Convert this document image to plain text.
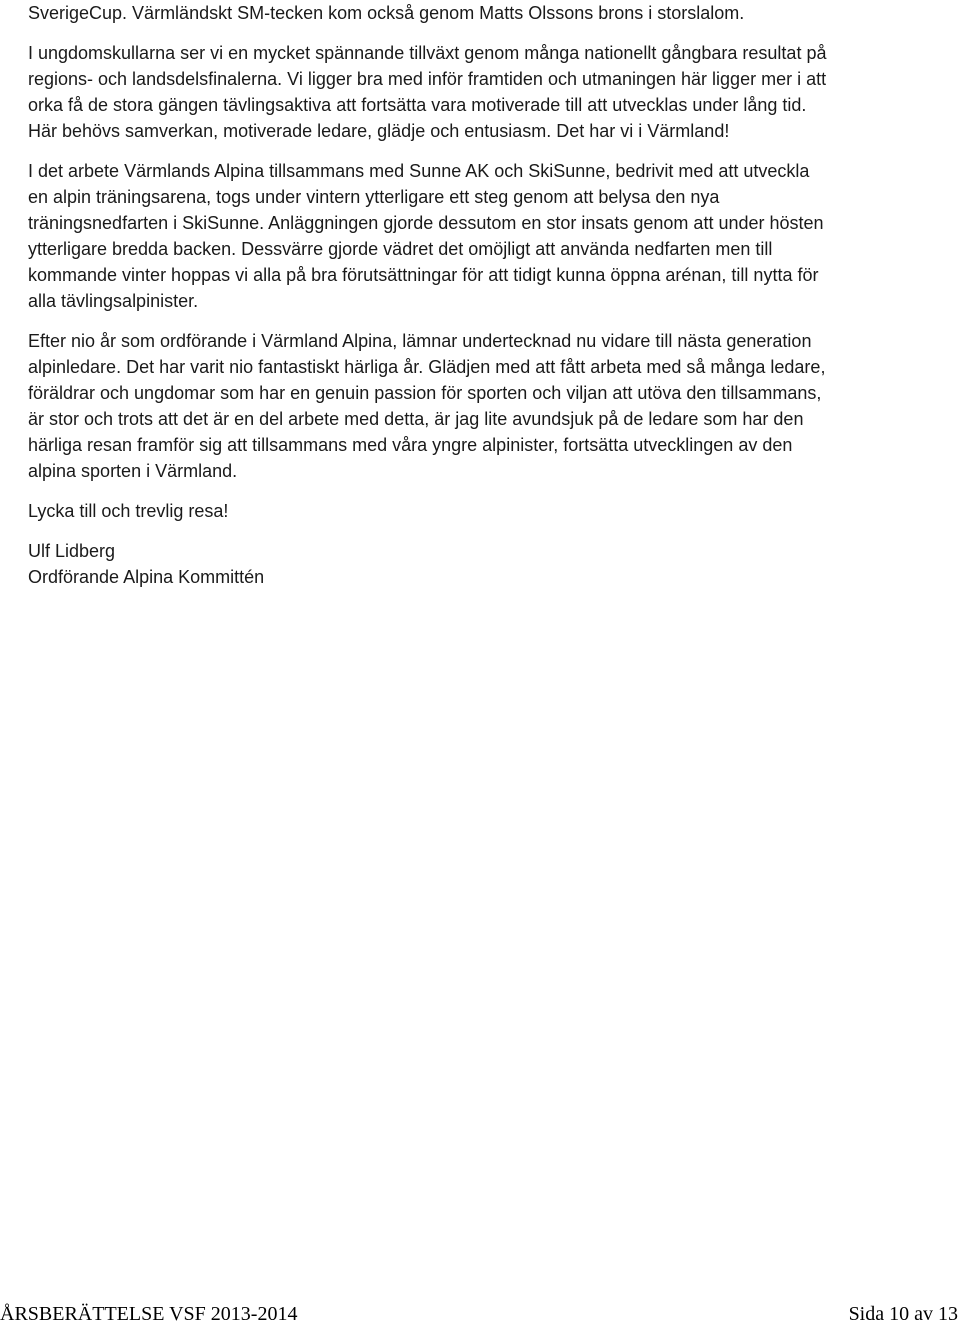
SverigeCup. Värmländskt SM-tecken kom också genom Matts Olssons brons i storslalom.

I ungdomskullarna ser vi en mycket spännande tillväxt genom många nationellt gångbara resultat på regions- och landsdelsfinalerna. Vi ligger bra med inför framtiden och utmaningen här ligger mer i att orka få de stora gängen tävlingsaktiva att fortsätta vara motiverade till att utvecklas under lång tid. Här behövs samverkan, motiverade ledare, glädje och entusiasm. Det har vi i Värmland!

I det arbete Värmlands Alpina tillsammans med Sunne AK och SkiSunne, bedrivit med att utveckla en alpin träningsarena, togs under vintern ytterligare ett steg genom att belysa den nya träningsnedfarten i SkiSunne. Anläggningen gjorde dessutom en stor insats genom att under hösten ytterligare bredda backen. Dessvärre gjorde vädret det omöjligt att använda nedfarten men till kommande vinter hoppas vi alla på bra förutsättningar för att tidigt kunna öppna arénan, till nytta för alla tävlingsalpinister.

Efter nio år som ordförande i Värmland Alpina, lämnar undertecknad nu vidare till nästa generation alpinledare. Det har varit nio fantastiskt härliga år. Glädjen med att fått arbeta med så många ledare, föräldrar och ungdomar som har en genuin passion för sporten och viljan att utöva den tillsammans, är stor och trots att det är en del arbete med detta, är jag lite avundsjuk på de ledare som har den härliga resan framför sig att tillsammans med våra yngre alpinister, fortsätta utvecklingen av den alpina sporten i Värmland.

Lycka till och trevlig resa!

Ulf Lidberg
Ordförande Alpina Kommittén
ÅRSBERÄTTELSE VSF 2013-2014	Sida 10 av 13
